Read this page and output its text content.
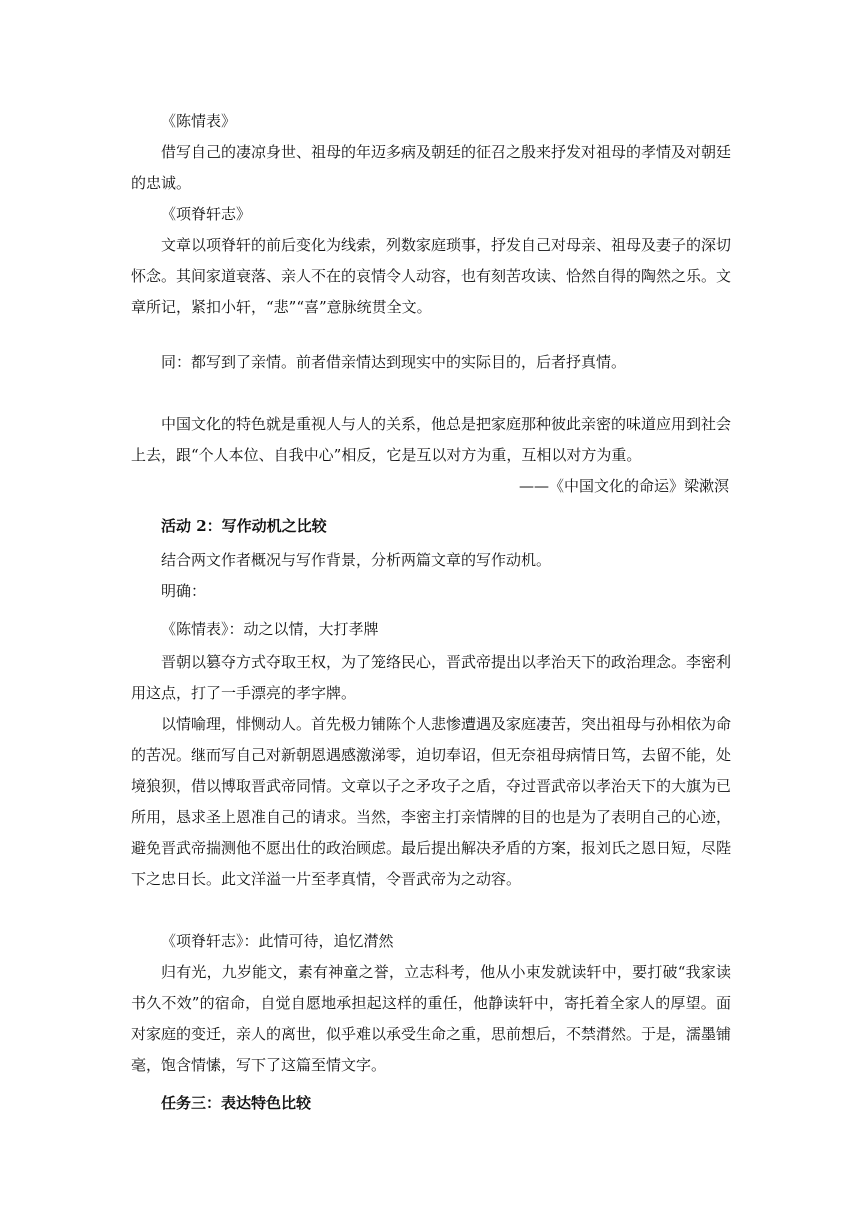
《陈情表》

借写自己的凄凉身世、祖母的年迈多病及朝廷的征召之殷来抒发对祖母的孝情及对朝廷的忠诚。

《项脊轩志》

文章以项脊轩的前后变化为线索，列数家庭琐事，抒发自己对母亲、祖母及妻子的深切怀念。其间家道衰落、亲人不在的哀情令人动容，也有刻苦攻读、恰然自得的陶然之乐。文章所记，紧扣小轩，“悲”“喜”意脉统贯全文。

同：都写到了亲情。前者借亲情达到现实中的实际目的，后者抒真情。

中国文化的特色就是重视人与人的关系，他总是把家庭那种彼此亲密的味道应用到社会上去，跟“个人本位、自我中心”相反，它是互以对方为重，互相以对方为重。

——《中国文化的命运》梁漱溟

活动 2：写作动机之比较

结合两文作者概况与写作背景，分析两篇文章的写作动机。

明确：

《陈情表》：动之以情，大打孝牌

晋朝以篡夺方式夺取王权，为了笼络民心，晋武帝提出以孝治天下的政治理念。李密利用这点，打了一手漂亮的孝字牌。

以情喻理，悱恻动人。首先极力铺陈个人悲惨遭遇及家庭凄苦，突出祖母与孙相依为命的苦况。继而写自己对新朝恩遇感激涕零，迫切奉诏，但无奈祖母病情日笃，去留不能，处境狼狈，借以博取晋武帝同情。文章以子之矛攻子之盾，夺过晋武帝以孝治天下的大旗为已所用，恳求圣上恩准自己的请求。当然，李密主打亲情牌的目的也是为了表明自己的心迹，避免晋武帝揣测他不愿出仕的政治顾虑。最后提出解决矛盾的方案，报刘氏之恩日短，尽陛下之忠日长。此文洋溢一片至孝真情，令晋武帝为之动容。

《项脊轩志》：此情可待，追忆潸然

归有光，九岁能文，素有神童之誉，立志科考，他从小束发就读轩中，要打破“我家读书久不效”的宿命，自觉自愿地承担起这样的重任，他静读轩中，寄托着全家人的厚望。面对家庭的变迁，亲人的离世，似乎难以承受生命之重，思前想后，不禁潸然。于是，濡墨铺毫，饱含情愫，写下了这篇至情文字。

任务三：表达特色比较
